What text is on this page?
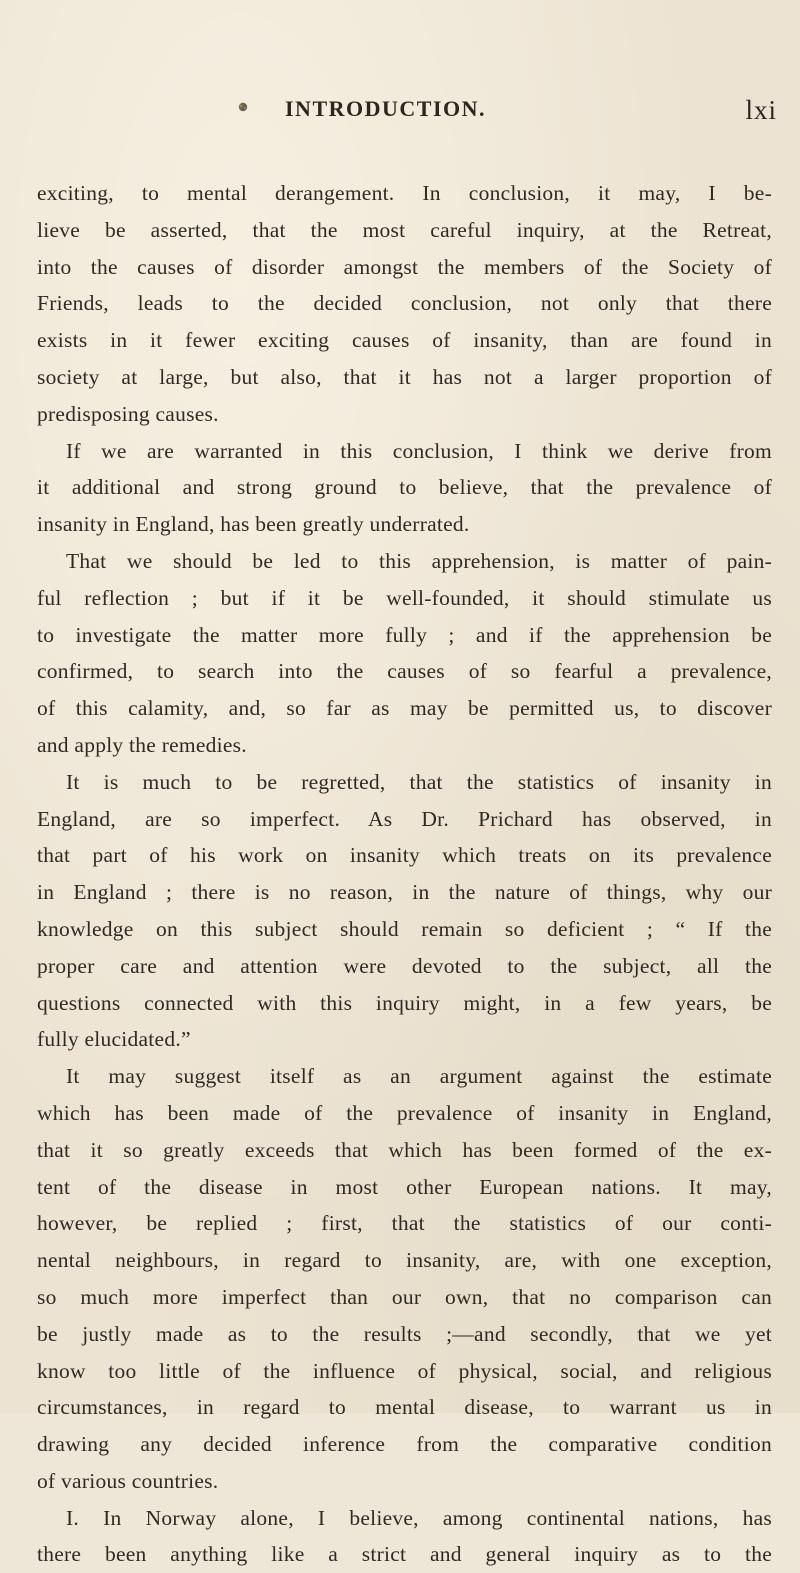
INTRODUCTION.	lxi
exciting, to mental derangement. In conclusion, it may, I be-
lieve be asserted, that the most careful inquiry, at the Retreat,
into the causes of disorder amongst the members of the Society of
Friends, leads to the decided conclusion, not only that there
exists in it fewer exciting causes of insanity, than are found in
society at large, but also, that it has not a larger proportion of
predisposing causes.
If we are warranted in this conclusion, I think we derive from
it additional and strong ground to believe, that the prevalence of
insanity in England, has been greatly underrated.
That we should be led to this apprehension, is matter of pain-
ful reflection ; but if it be well-founded, it should stimulate us
to investigate the matter more fully ; and if the apprehension be
confirmed, to search into the causes of so fearful a prevalence,
of this calamity, and, so far as may be permitted us, to discover
and apply the remedies.
It is much to be regretted, that the statistics of insanity in
England, are so imperfect. As Dr. Prichard has observed, in
that part of his work on insanity which treats on its prevalence
in England ; there is no reason, in the nature of things, why our
knowledge on this subject should remain so deficient ; “ If the
proper care and attention were devoted to the subject, all the
questions connected with this inquiry might, in a few years, be
fully elucidated.”
It may suggest itself as an argument against the estimate
which has been made of the prevalence of insanity in England,
that it so greatly exceeds that which has been formed of the ex-
tent of the disease in most other European nations. It may,
however, be replied ; first, that the statistics of our conti-
nental neighbours, in regard to insanity, are, with one exception,
so much more imperfect than our own, that no comparison can
be justly made as to the results ;—and secondly, that we yet
know too little of the influence of physical, social, and religious
circumstances, in regard to mental disease, to warrant us in
drawing any decided inference from the comparative condition
of various countries.
I. In Norway alone, I believe, among continental nations, has
there been anything like a strict and general inquiry as to the
